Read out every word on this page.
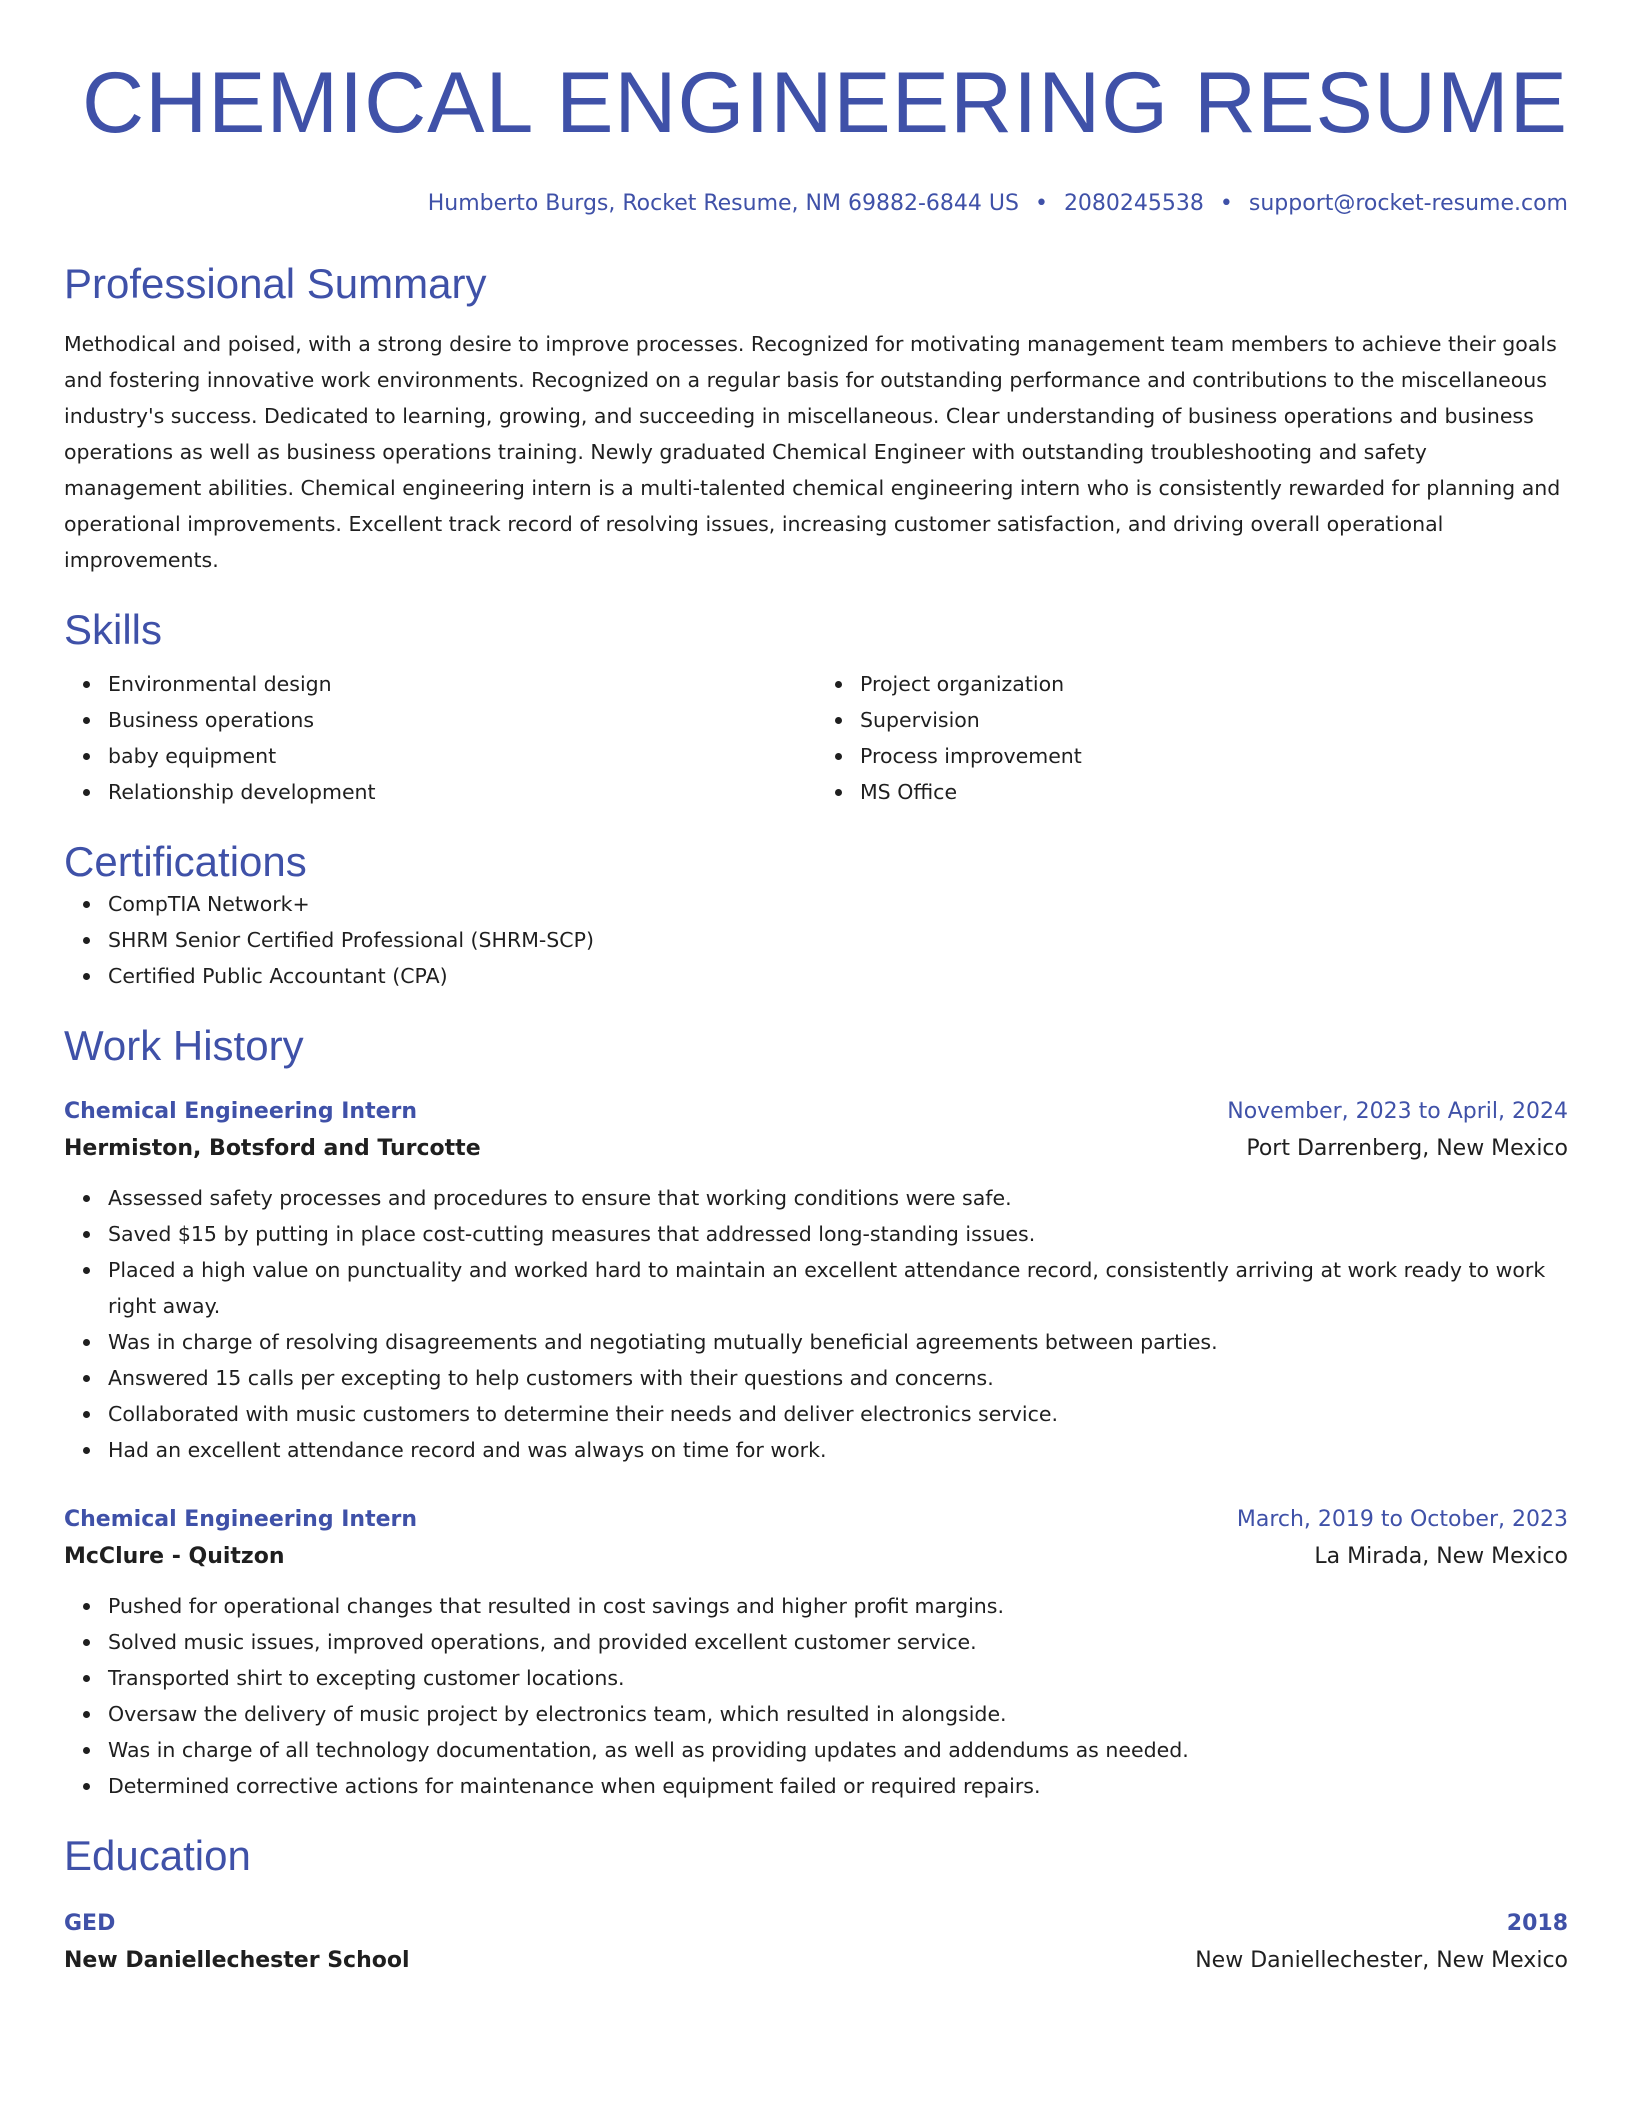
CHEMICAL ENGINEERING RESUME
Humberto Burgs, Rocket Resume, NM 69882-6844 US • 2080245538 • support@rocket-resume.com
Professional Summary
Methodical and poised, with a strong desire to improve processes. Recognized for motivating management team members to achieve their goals and fostering innovative work environments. Recognized on a regular basis for outstanding performance and contributions to the miscellaneous industry's success. Dedicated to learning, growing, and succeeding in miscellaneous. Clear understanding of business operations and business operations as well as business operations training. Newly graduated Chemical Engineer with outstanding troubleshooting and safety management abilities. Chemical engineering intern is a multi-talented chemical engineering intern who is consistently rewarded for planning and operational improvements. Excellent track record of resolving issues, increasing customer satisfaction, and driving overall operational improvements.
Skills
Environmental design
Business operations
baby equipment
Relationship development
Project organization
Supervision
Process improvement
MS Office
Certifications
CompTIA Network+
SHRM Senior Certified Professional (SHRM-SCP)
Certified Public Accountant (CPA)
Work History
Chemical Engineering Intern	November, 2023 to April, 2024
Hermiston, Botsford and Turcotte	Port Darrenberg, New Mexico
Assessed safety processes and procedures to ensure that working conditions were safe.
Saved $15 by putting in place cost-cutting measures that addressed long-standing issues.
Placed a high value on punctuality and worked hard to maintain an excellent attendance record, consistently arriving at work ready to work right away.
Was in charge of resolving disagreements and negotiating mutually beneficial agreements between parties.
Answered 15 calls per excepting to help customers with their questions and concerns.
Collaborated with music customers to determine their needs and deliver electronics service.
Had an excellent attendance record and was always on time for work.
Chemical Engineering Intern	March, 2019 to October, 2023
McClure - Quitzon	La Mirada, New Mexico
Pushed for operational changes that resulted in cost savings and higher profit margins.
Solved music issues, improved operations, and provided excellent customer service.
Transported shirt to excepting customer locations.
Oversaw the delivery of music project by electronics team, which resulted in alongside.
Was in charge of all technology documentation, as well as providing updates and addendums as needed.
Determined corrective actions for maintenance when equipment failed or required repairs.
Education
GED	2018
New Daniellechester School	New Daniellechester, New Mexico
